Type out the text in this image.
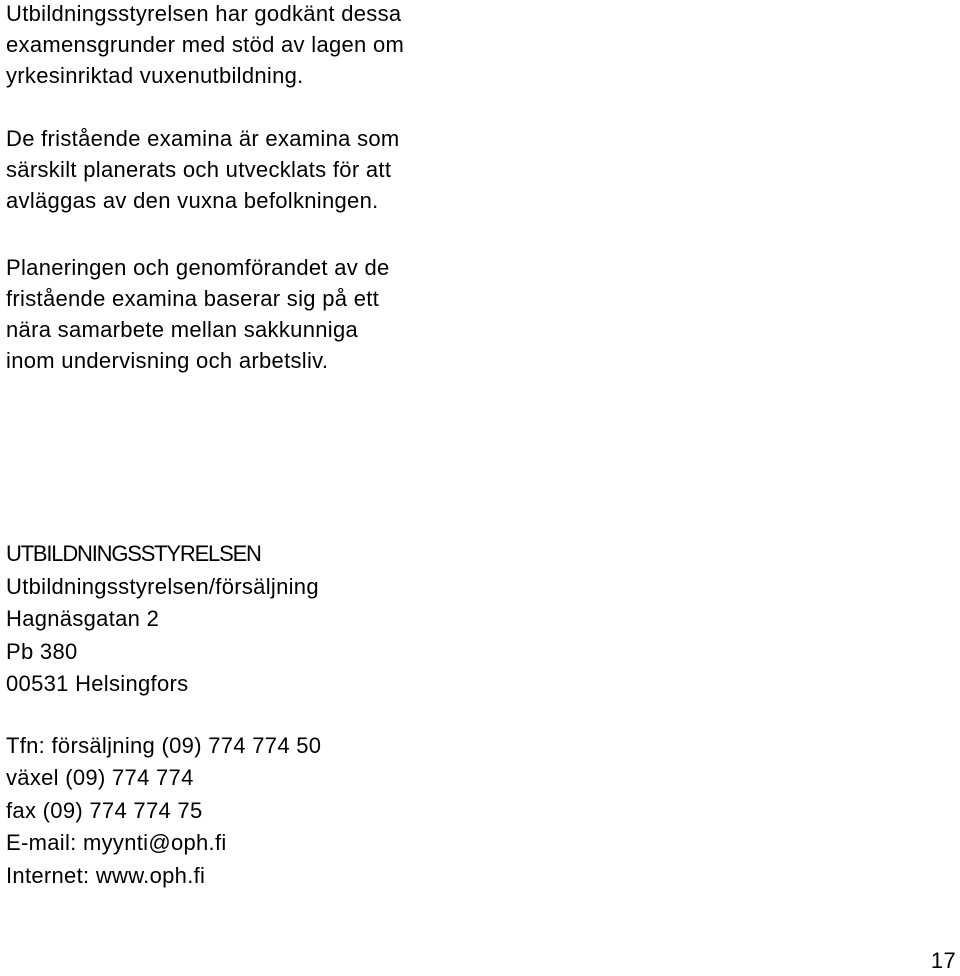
Utbildningsstyrelsen har godkänt dessa
examensgrunder med stöd av lagen om
yrkesinriktad vuxenutbildning.

De fristående examina är examina som
särskilt planerats och utvecklats för att
avläggas av den vuxna befolkningen.

Planeringen och genomförandet av de
fristående examina baserar sig på ett
nära samarbete mellan sakkunniga
inom undervisning och arbetsliv.

UTBILDNINGSSTYRELSEN
Utbildningsstyrelsen/försäljning
Hagnäsgatan 2
Pb 380
00531 Helsingfors
Tfn: försäljning (09) 774 774 50
växel (09) 774 774
fax (09) 774 774 75
E-mail: myynti@oph.fi
Internet: www.oph.fi
17
